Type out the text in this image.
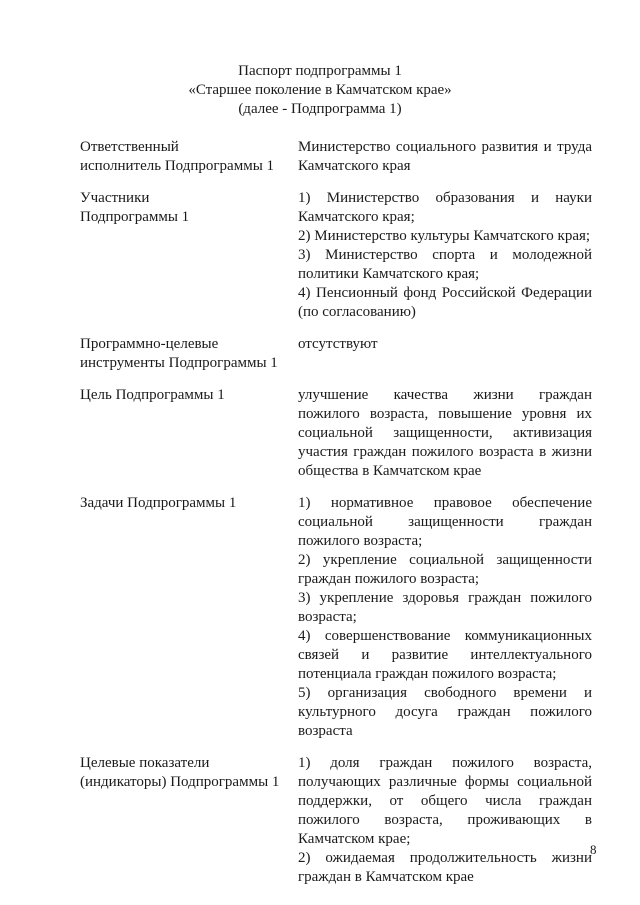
Паспорт подпрограммы 1
«Старшее поколение в Камчатском крае»
(далее - Подпрограмма 1)
Ответственный
исполнитель Подпрограммы 1

Министерство социального развития и труда Камчатского края

Участники
Подпрограммы 1

1) Министерство образования и науки Камчатского края;

2) Министерство культуры Камчатского края;

3) Министерство спорта и молодежной политики Камчатского края;

4) Пенсионный фонд Российской Федерации (по согласованию)

Программно-целевые
инструменты Подпрограммы 1

отсутствуют

Цель Подпрограммы 1	улучшение качества жизни граждан пожилого возраста, повышение уровня их социальной защищенности, активизация участия граждан пожилого возраста в жизни общества в Камчатском крае

Задачи Подпрограммы 1	1) нормативное правовое обеспечение социальной защищенности граждан пожилого возраста;

2) укрепление социальной защищенности граждан пожилого возраста;

3) укрепление здоровья граждан пожилого возраста;

4) совершенствование коммуникационных связей и развитие интеллектуального потенциала граждан пожилого возраста;

5) организация свободного времени и культурного досуга граждан пожилого возраста

Целевые показатели
(индикаторы) Подпрограммы 1

1) доля граждан пожилого возраста, получающих различные формы социальной поддержки, от общего числа граждан пожилого возраста, проживающих в Камчатском крае;

2) ожидаемая продолжительность жизни граждан в Камчатском крае

8
